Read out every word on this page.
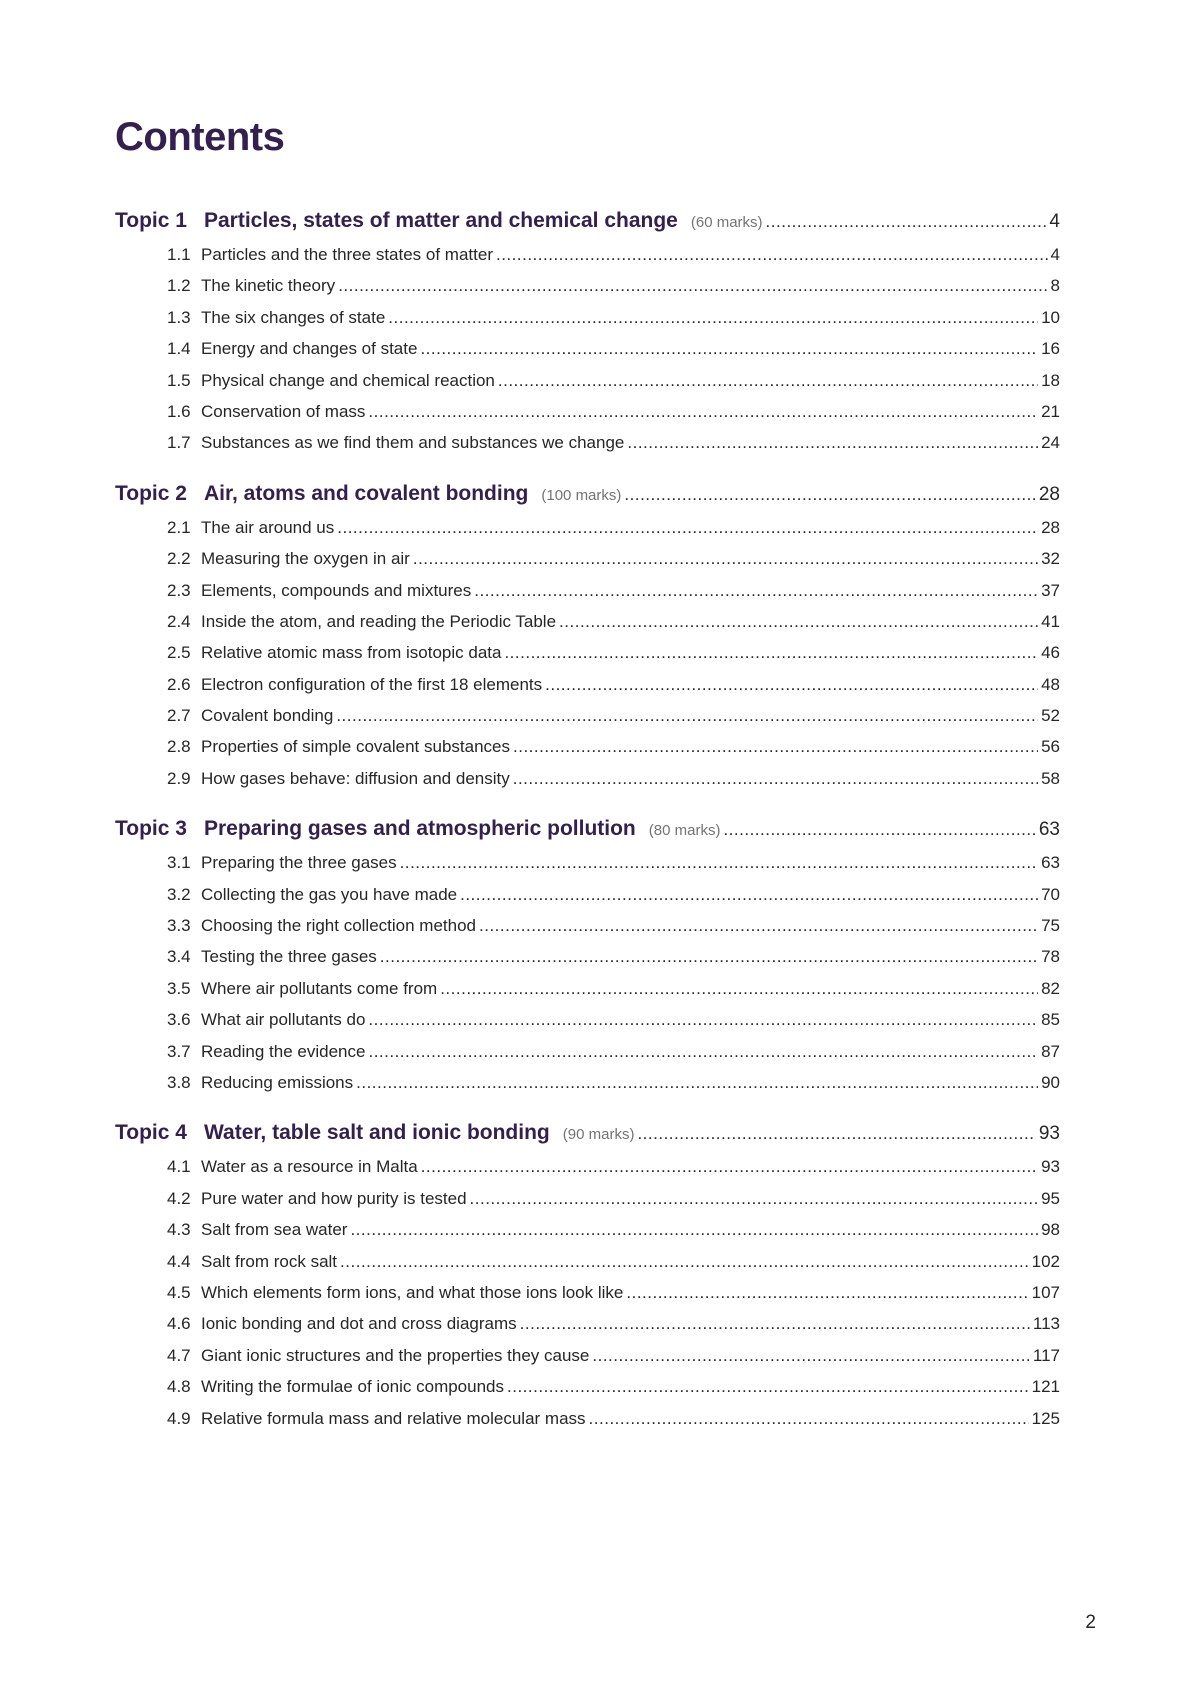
Contents
Topic 1 Particles, states of matter and chemical change (60 marks) .....	4
1.1 Particles and the three states of matter .....	4
1.2 The kinetic theory .....	8
1.3 The six changes of state .....	10
1.4 Energy and changes of state .....	16
1.5 Physical change and chemical reaction .....	18
1.6 Conservation of mass .....	21
1.7 Substances as we find them and substances we change .....	24
Topic 2 Air, atoms and covalent bonding (100 marks) .....	28
2.1 The air around us .....	28
2.2 Measuring the oxygen in air .....	32
2.3 Elements, compounds and mixtures .....	37
2.4 Inside the atom, and reading the Periodic Table .....	41
2.5 Relative atomic mass from isotopic data .....	46
2.6 Electron configuration of the first 18 elements .....	48
2.7 Covalent bonding .....	52
2.8 Properties of simple covalent substances .....	56
2.9 How gases behave: diffusion and density .....	58
Topic 3 Preparing gases and atmospheric pollution (80 marks) .....	63
3.1 Preparing the three gases .....	63
3.2 Collecting the gas you have made .....	70
3.3 Choosing the right collection method .....	75
3.4 Testing the three gases .....	78
3.5 Where air pollutants come from .....	82
3.6 What air pollutants do .....	85
3.7 Reading the evidence .....	87
3.8 Reducing emissions .....	90
Topic 4 Water, table salt and ionic bonding (90 marks) .....	93
4.1 Water as a resource in Malta .....	93
4.2 Pure water and how purity is tested .....	95
4.3 Salt from sea water .....	98
4.4 Salt from rock salt .....	102
4.5 Which elements form ions, and what those ions look like .....	107
4.6 Ionic bonding and dot and cross diagrams .....	113
4.7 Giant ionic structures and the properties they cause .....	117
4.8 Writing the formulae of ionic compounds .....	121
4.9 Relative formula mass and relative molecular mass .....	125
2
